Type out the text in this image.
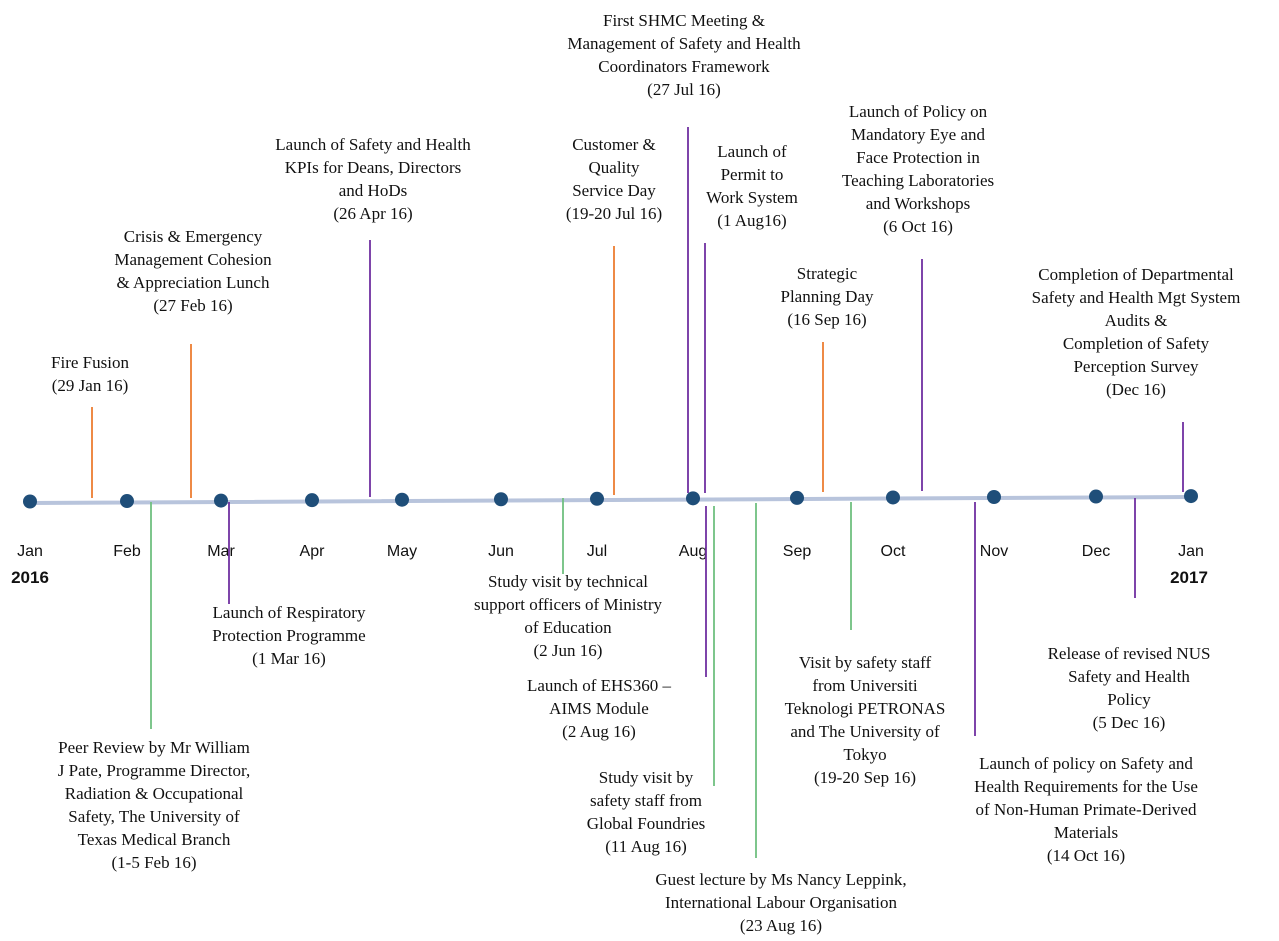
Jan	Feb	Mar	Apr	May	Jun	Jul	Aug	Sep	Oct	Nov	Dec	Jan
2016	2017
Fire Fusion (29 Jan 16)
Crisis & Emergency Management Cohesion & Appreciation Lunch (27 Feb 16)
Launch of Safety and Health KPIs for Deans, Directors and HoDs (26 Apr 16)
Customer & Quality Service Day (19-20 Jul 16)
First SHMC Meeting & Management of Safety and Health Coordinators Framework (27 Jul 16)
Launch of Permit to Work System (1 Aug16)
Strategic Planning Day (16 Sep 16)
Launch of Policy on Mandatory Eye and Face Protection in Teaching Laboratories and Workshops (6 Oct 16)
Completion of Departmental Safety and Health Mgt System Audits & Completion of Safety Perception Survey (Dec 16)
Peer Review by Mr William J Pate, Programme Director, Radiation & Occupational Safety, The University of Texas Medical Branch (1-5 Feb 16)
Launch of Respiratory Protection Programme (1 Mar 16)
Study visit by technical support officers of Ministry of Education (2 Jun 16)
Launch of EHS360 – AIMS Module (2 Aug 16)
Study visit by safety staff from Global Foundries (11 Aug 16)
Guest lecture by Ms Nancy Leppink, International Labour Organisation (23 Aug 16)
Visit by safety staff from Universiti Teknologi PETRONAS and The University of Tokyo (19-20 Sep 16)
Launch of policy on Safety and Health Requirements for the Use of Non-Human Primate-Derived Materials (14 Oct 16)
Release of revised NUS Safety and Health Policy (5 Dec 16)
